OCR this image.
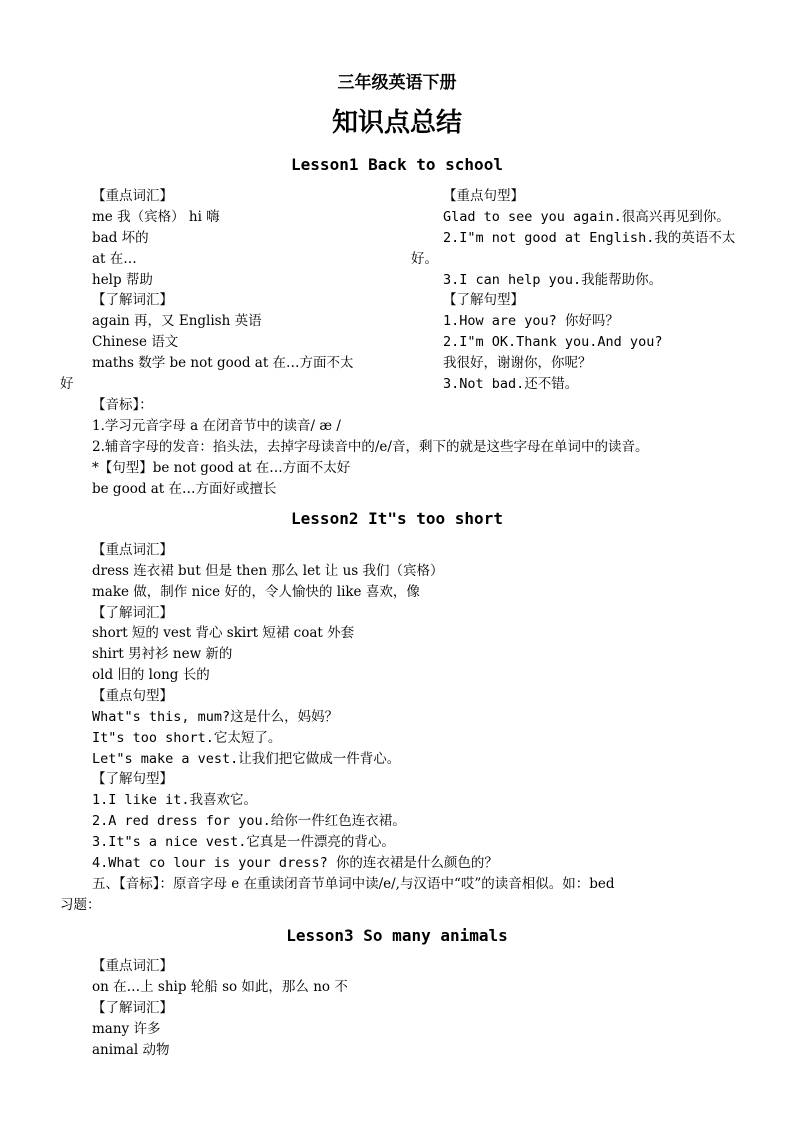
三年级英语下册
知识点总结
Lesson1 Back to school
【重点词汇】
me 我（宾格） hi 嗨
bad 坏的
at 在…
help 帮助
【了解词汇】
again 再，又 English 英语
Chinese 语文
maths 数学 be not good at 在…方面不太
好
【重点句型】
Glad to see you again.很高兴再见到你。
2.I"m not good at English.我的英语不太
好。
3.I can help you.我能帮助你。
【了解句型】
1.How are you? 你好吗？
2.I"m OK.Thank you.And you?
我很好，谢谢你，你呢？
3.Not bad.还不错。
【音标】：
1.学习元音字母 a 在闭音节中的读音/ æ /
2.辅音字母的发音：掐头法，去掉字母读音中的/e/音，剩下的就是这些字母在单词中的读音。
*【句型】be not good at 在…方面不太好
be good at 在…方面好或擅长
Lesson2 It"s too short
【重点词汇】
dress 连衣裙 but 但是 then 那么 let 让 us 我们（宾格）
make 做，制作 nice 好的，令人愉快的 like 喜欢，像
【了解词汇】
short 短的 vest 背心 skirt 短裙 coat 外套
shirt 男衬衫 new 新的
old 旧的 long 长的
【重点句型】
What"s this, mum?这是什么，妈妈？
It"s too short.它太短了。
Let"s make a vest.让我们把它做成一件背心。
【了解句型】
1.I like it.我喜欢它。
2.A red dress for you.给你一件红色连衣裙。
3.It"s a nice vest.它真是一件漂亮的背心。
4.What co lour is your dress? 你的连衣裙是什么颜色的？
五、【音标】：原音字母 e 在重读闭音节单词中读/e/,与汉语中“哎”的读音相似。如：bed
习题：
Lesson3 So many animals
【重点词汇】
on 在…上 ship 轮船 so 如此，那么 no 不
【了解词汇】
many 许多
animal 动物
